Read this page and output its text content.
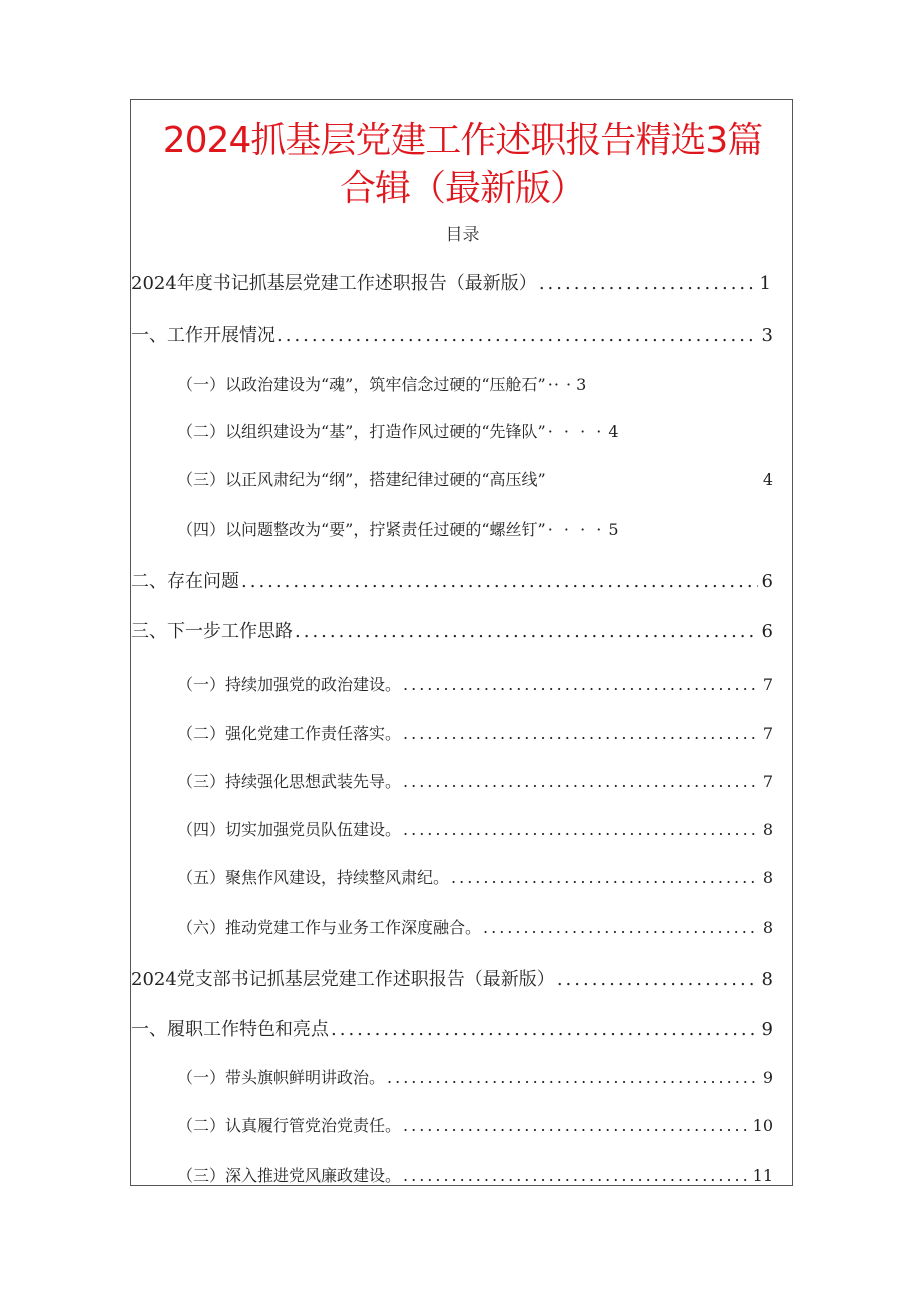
2024抓基层党建工作述职报告精选3篇
合辑（最新版）
目录
2024年度书记抓基层党建工作述职报告（最新版） .....	1
一、工作开展情况 .....	3
（一）以政治建设为“魂”，筑牢信念过硬的“压舱石” ·· · 3
（二）以组织建设为“基”，打造作风过硬的“先锋队” · · · ·	4
（三）以正风肃纪为“纲”，搭建纪律过硬的“高压线”	4
（四）以问题整改为“要”，拧紧责任过硬的“螺丝钉” · · · ·	5
二、存在问题 .....	6
三、下一步工作思路 .....	6
（一）持续加强党的政治建设。 .....	7
（二）强化党建工作责任落实。 .....	7
（三）持续强化思想武装先导。 .....	7
（四）切实加强党员队伍建设。 .....	8
（五）聚焦作风建设，持续整风肃纪。 .....	8
（六）推动党建工作与业务工作深度融合。 .....	8
2024党支部书记抓基层党建工作述职报告（最新版） .....	8
一、履职工作特色和亮点 .....	9
（一）带头旗帜鲜明讲政治。 .....	9
（二）认真履行管党治党责任。 .....	10
（三）深入推进党风廉政建设。 .....	11
